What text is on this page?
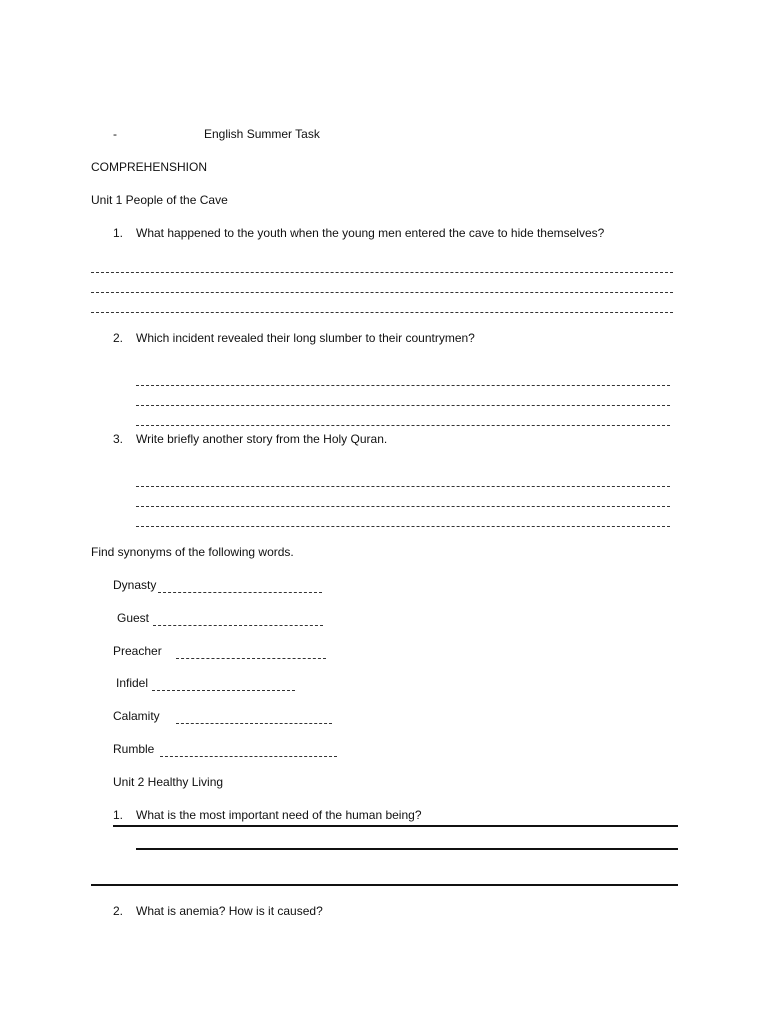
-	English Summer Task
COMPREHENSHION
Unit 1 People of the Cave
1. What happened to the youth when the young men entered the cave to hide themselves?
2. Which incident revealed their long slumber to their countrymen?
3. Write briefly another story from the Holy Quran.
Find synonyms of the following words.
Dynasty
Guest
Preacher
Infidel
Calamity
Rumble
Unit 2 Healthy Living
1. What is the most important need of the human being?
2. What is anemia? How is it caused?
